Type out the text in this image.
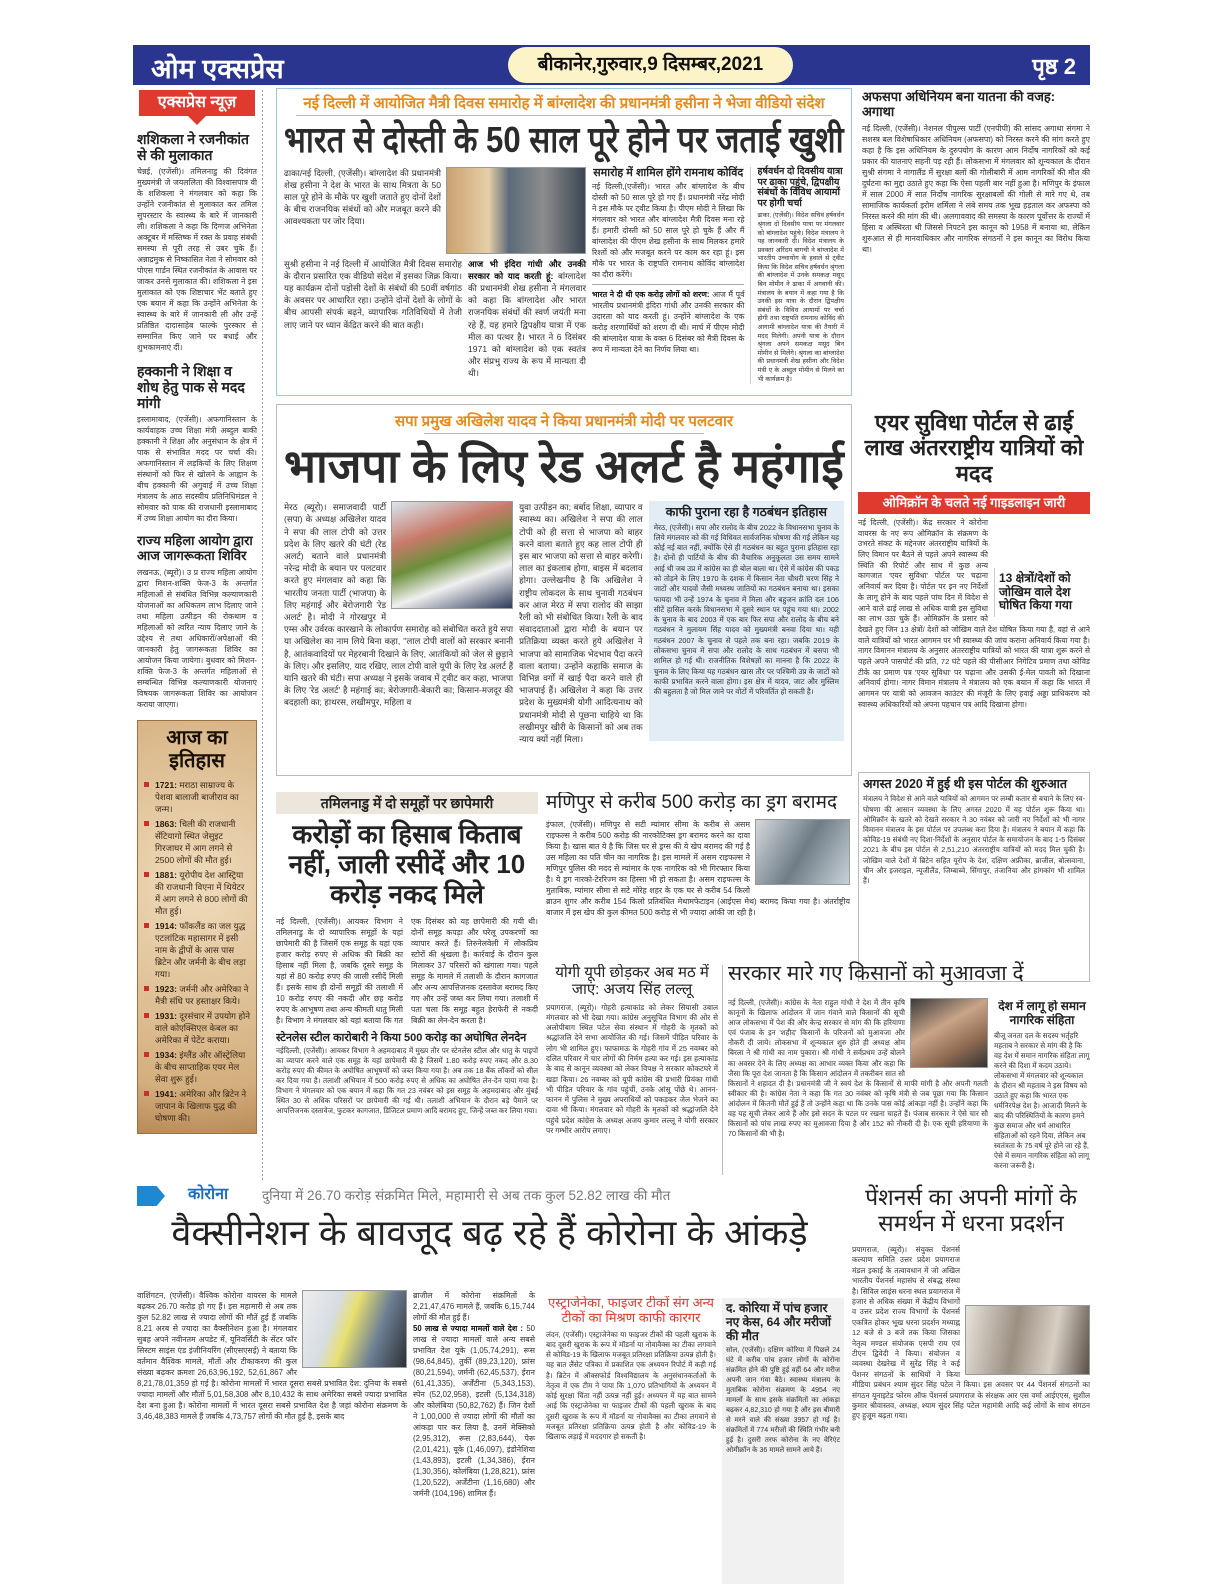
ओम एक्सप्रेस	बीकानेर,गुरुवार,9 दिसम्बर,2021	पृष्ठ 2
एक्सप्रेस न्यूज़
शशिकला ने रजनीकांत से की मुलाकात
चेन्नई, (एजेंसी)। तमिलनाडु की दिवंगत मुख्यमंत्री जे जयललिता की विश्वासपात्र वी के शशिकला ने मंगलवार को कहा कि उन्होंने रजनीकांत से मुलाकात कर तमिल सुपरस्टार के स्वास्थ्य के बारे में जानकारी ली। शशिकला ने कहा कि दिग्गज अभिनेता अक्टूबर में मस्तिष्क में रक्त के प्रवाह संबंधी समस्या से पूरी तरह से उबर चुके हैं। अन्नाद्रमुक से निष्कासित नेता ने सोमवार को पोएस गार्डन स्थित रजनीकांत के आवास पर जाकर उनसे मुलाकात की। शशिकला ने इस मुलाकात को एक शिष्टाचार भेंट बताते हुए एक बयान में कहा कि उन्होंने अभिनेता के स्वास्थ्य के बारे में जानकारी ली और उन्हें प्रतिष्ठित दादासाहेब फाल्के पुरस्कार से सम्मानित किए जाने पर बधाई और शुभकामनाएं दीं।
हक्कानी ने शिक्षा व शोध हेतु पाक से मदद मांगी
इस्लामाबाद, (एजेंसी)। अफगानिस्तान के कार्यवाहक उच्च शिक्षा मंत्री अब्दुल बाकी हक्कानी ने शिक्षा और अनुसंधान के क्षेत्र में पाक से संभावित मदद पर चर्चा की। अफगानिस्तान में लड़कियों के लिए शिक्षण संस्थानों को फिर से खोलने के आह्वान के बीच हक्कानी की अगुवाई में उच्च शिक्षा मंत्रालय के आठ सदस्यीय प्रतिनिधिमंडल ने सोमवार को पाक की राजधानी इस्लामाबाद में उच्च शिक्षा आयोग का दौरा किया।
राज्य महिला आयोग द्वारा आज जागरूकता शिविर
लखनऊ, (ब्यूरो)। उ प्र राज्य महिला आयोग द्वारा मिशन-शक्ति फेज-3 के अन्तर्गत महिलाओं से संबंधित विभिन्न कल्याणकारी योजनाओं का अधिकतम लाभ दिलाए जाने तथा महिला उत्पीड़न की रोकथाम व महिलाओं को त्वरित न्याय दिलाए जाने के उद्देश्य से तथा अधिकारों/अपेक्षाओं की जानकारी हेतु जागरूकता शिविर का आयोजन किया जायेगा। बुधवार को मिशन-शक्ति फेज-3 के अन्तर्गत महिलाओं से सम्बन्धित विभिन्न कल्याणकारी योजनाएं विषयक जागरूकता शिविर का आयोजन कराया जाएगा।
आज का इतिहास
1721: मराठा साम्राज्य के पेशवा बालाजी बाजीराव का जन्म।
1863: चिली की राजधानी सेंटियागो स्थित जेसुइट गिरजाघर में आग लगने से 2500 लोगों की मौत हुई।
1881: यूरोपीय देश आस्ट्रिया की राजधानी विएना में थियेटर में आग लगने से 800 लोगों की मौत हुई।
1914: फॉकलैंड का जल युद्ध एटलांटिक महासागर में इसी नाम के द्वीपों के आस पास ब्रिटेन और जर्मनी के बीच लड़ा गया।
1923: जर्मनी और अमेरिका ने मैत्री संधि पर हस्ताक्षर किये।
1931: दूरसंचार में उपयोग होने वाले कोएक्सिएल केबल का अमेरिका में पेटेंट कराया।
1934: इंग्लैंड और ऑस्ट्रेलिया के बीच साप्ताहिक एयर मेल सेवा शुरू हुई।
1941: अमेरिका और ब्रिटेन ने जापान के खिलाफ युद्ध की घोषणा की।
नई दिल्ली में आयोजित मैत्री दिवस समारोह में बांग्लादेश की प्रधानमंत्री हसीना ने भेजा वीडियो संदेश
भारत से दोस्ती के 50 साल पूरे होने पर जताई खुशी
ढाका/नई दिल्ली, (एजेंसी)। बांग्लादेश की प्रधानमंत्री शेख हसीना ने देश के भारत के साथ मित्रता के 50 साल पूरे होने के मौके पर खुशी जताते हुए दोनों देशों के बीच राजनयिक संबंधों को और मजबूत करने की आवश्यकता पर जोर दिया।
सुश्री हसीना ने नई दिल्ली में आयोजित मैत्री दिवस समारोह के दौरान प्रसारित एक वीडियो संदेश में इसका जिक्र किया। यह कार्यक्रम दोनों पड़ोसी देशों के संबंधों की 50वीं वर्षगांठ के अवसर पर आधारित रहा। उन्होंने दोनों देशों के लोगों के बीच आपसी संपर्क बढ़ने, व्यापारिक गतिविधियों में तेजी लाए जाने पर ध्यान केंद्रित करने की बात कही।
आज भी इंदिरा गांधी और उनकी सरकार को याद करती हूं: बांग्लादेश की प्रधानमंत्री शेख हसीना ने मंगलवार को कहा कि बांग्लादेश और भारत राजनयिक संबंधों की स्वर्ण जयंती मना रहे हैं, यह हमारे द्विपक्षीय यात्रा में एक मील का पत्थर है। भारत ने 6 दिसंबर 1971 को बांग्लादेश को एक स्वतंत्र और संप्रभु राज्य के रूप में मान्यता दी थी।
समारोह में शामिल होंगे रामनाथ कोविंद
नई दिल्ली,(एजेंसी)। भारत और बांग्लादेश के बीच दोस्ती को 50 साल पूरे हो गए हैं। प्रधानमंत्री नरेंद्र मोदी ने इस मौके पर ट्वीट किया है। पीएम मोदी ने लिखा कि मंगलवार को भारत और बांग्लादेश मैत्री दिवस मना रहे हैं। हमारी दोस्ती को 50 साल पूरे हो चुके हैं और मैं बांग्लादेश की पीएम शेख हसीना के साथ मिलकर हमारे रिश्तों को और मजबूत करने पर काम कर रहा हूं। इस मौके पर भारत के राष्ट्रपति रामनाथ कोविंद बांग्लादेश का दौरा करेंगे।
भारत ने दी थी एक करोड़ लोगों को शरण: आज मैं पूर्व भारतीय प्रधानमंत्री इंदिरा गांधी और उनकी सरकार की उदारता को याद करती हूं। उन्होंने बांग्लादेश के एक करोड़ शरणार्थियों को शरण दी थी। मार्च में पीएम मोदी की बांग्लादेश यात्रा के वक्त 6 दिसंबर को मैत्री दिवस के रूप में मान्यता देने का निर्णय लिया था।
हर्षवर्धन दो दिवसीय यात्रा पर ढाका पहुंचे, द्विपक्षीय संबंधों के विविध आयामों पर होगी चर्चा
ढाका, (एजेंसी)। विदेश सचिव हर्षवर्धन श्रृंगला दो दिवसीय यात्रा पर मंगलवार को बांग्लादेश पहुंचे। विदेश मंत्रालय ने यह जानकारी दी। विदेश मंत्रालय के प्रवक्ता अरिंदम बागची ने बांग्लादेश में भारतीय उच्चायोग के हवाले से ट्वीट किया कि विदेश सचिव हर्षवर्धन श्रृंगला की बांग्लादेश में उनके समकक्ष मसूद बिन मोमीन ने ढाका में अगवानी की। मंत्रालय के बयान में कहा गया है कि उनकी इस यात्रा के दौरान द्विपक्षीय संबंधों के विविध आयामों पर चर्चा होगी तथा राष्ट्रपति रामनाथ कोविंद की आगामी बांग्लादेश यात्रा की तैयारी में मदद मिलेगी। अपनी यात्रा के दौरान श्रृंगला अपने समकक्ष मसूद बिन मोमीन से मिलेंगे। श्रृंगला का बांग्लादेश की प्रधानमंत्री शेख हसीना और विदेश मंत्री ए के अब्दुल मोमीन से मिलने का भी कार्यक्रम है।
अफसपा अधिनियम बना यातना की वजह: अगाथा
नई दिल्ली, (एजेंसी)। नेशनल पीपुल्स पार्टी (एनपीपी) की सांसद अगाथा संगमा ने सशस्त्र बल विशेषाधिकार अधिनियम (अफसपा) को निरस्त करने की मांग करते हुए कहा है कि इस अधिनियम के दुरुपयोग के कारण आम निर्दोष नागरिकों को कई प्रकार की यातनाएं सहनी पड़ रही हैं। लोकसभा में मंगलवार को शून्यकाल के दौरान सुश्री संगमा ने नागालैंड में सुरक्षा बलों की गोलीबारी में आम नागरिकों की मौत की दुर्घटना का मुद्दा उठाते हुए कहा कि ऐसा पहली बार नहीं हुआ है। मणिपुर के इंफाल में साल 2000 में सात निर्दोष नागरिक सुरक्षाबलों की गोली से मारे गए थे, तब सामाजिक कार्यकर्ता इरोम शर्मिला ने लंबे समय तक भूख हड़ताल कर अफस्पा को निरस्त करने की मांग की थी। अलगाववाद की समस्या के कारण पूर्वोत्तर के राज्यों में हिंसा व अस्थिरता थी जिससे निपटने इस कानून को 1958 में बनाया था, लेकिन शुरुआत से ही मानवाधिकार और नागरिक संगठनों ने इस कानून का विरोध किया था।
सपा प्रमुख अखिलेश यादव ने किया प्रधानमंत्री मोदी पर पलटवार
भाजपा के लिए रेड अलर्ट है महंगाई
मेरठ (ब्यूरो)। समाजवादी पार्टी (सपा) के अध्यक्ष अखिलेश यादव ने सपा की लाल टोपी को उत्तर प्रदेश के लिए खतरे की घंटी (रेड अलर्ट) बताने वाले प्रधानमंत्री नरेन्द्र मोदी के बयान पर पलटवार करते हुए मंगलवार को कहा कि भारतीय जनता पार्टी (भाजपा) के लिए महंगाई और बेरोजगारी 'रेड अलर्ट' है। मोदी ने गोरखपुर में एम्स और उर्वरक कारखाने के लोकार्पण समारोह को संबोधित करते हुये सपा या अखिलेश का नाम लिये बिना कहा, ''लाल टोपी वालों को सरकार बनानी है, आतंकवादियों पर मेहरबानी दिखाने के लिए, आतंकियों को जेल से छुड़ाने के लिए। और इसलिए, याद रखिए, लाल टोपी वाले यूपी के लिए रेड अलर्ट हैं यानि खतरे की घंटी। सपा अध्यक्ष ने इसके जवाब में ट्वीट कर कहा, भाजपा के लिए 'रेड अलर्ट' है महंगाई का; बेरोजगारी-बेकारी का; किसान-मजदूर की बदहाली का; हाथरस, लखीमपुर, महिला व
युवा उत्पीड़न का; बर्बाद शिक्षा, व्यापार व स्वास्थ्य का। अखिलेश ने सपा की लाल टोपी को ही सत्ता से भाजपा को बाहर करने वाला बताते हुए कह लाल टोपी ही इस बार भाजपा को सत्ता से बाहर करेगी। लाल का इंकलाब होगा, बाइस में बदलाव होगा। उल्लेखनीय है कि अखिलेश ने राष्ट्रीय लोकदल के साथ चुनावी गठबंधन कर आज मेरठ में सपा रालोद की साझा रैली को भी संबोधित किया। रैली के बाद संवाददाताओं द्वारा मोदी के बयान पर प्रतिक्रिया व्यक्त करते हुये अखिलेश ने भाजपा को सामाजिक भेदभाव पैदा करने वाला बताया। उन्होंने कहाकि समाज के विभिन्न वर्गों में खाई पैदा करने वाले ही भाजपाई हैं। अखिलेश ने कहा कि उत्तर प्रदेश के मुख्यमंत्री योगी आदित्यनाथ को प्रधानमंत्री मोदी से पूछना चाहिये था कि लखीमपुर खीरी के किसानों को अब तक न्याय क्यों नहीं मिला।
काफी पुराना रहा है गठबंधन इतिहास
मेरठ, (एजेंसी)। सपा और रालोद के बीच 2022 के विधानसभा चुनाव के लिये मंगलवार को की गई विधिवत सार्वजनिक घोषणा की गई लेकिन यह कोई नई बात नहीं, क्योंकि ऐसे ही गठबंधन का बहुत पुराना इतिहास रहा है। दोनों ही पार्टियों के बीच की वैचारिक अनुकूलता उस समय सामने आई थी जब उप्र में कांग्रेस का ही बोल बाला था। ऐसे में कांग्रेस की पकड़ को तोड़ने के लिए 1970 के दशक में किसान नेता चौधरी चरण सिंह ने जाटों और यादवों जैसी मध्यस्थ जातियों का गठबंधन बनाया था। इसका फायदा भी उन्हें 1974 के चुनाव में मिला और बहुजन क्रांति दल 106 सीटें हासिल करके विधानसभा में दूसरे स्थान पर पहुंच गया था। 2002 के चुनाव के बाद 2003 में एक बार फिर सपा और रालोद के बीच बने गठबंधन ने मुलायम सिंह यादव को मुख्यमंत्री बनवा दिया था। यही गठबंधन 2007 के चुनाव से पहले तक बना रहा। जबकि 2019 के लोकसभा चुनाव में सपा और रालोद के साथ गठबंधन में बसपा भी शामिल हो गई थी। राजनीतिक विशेषज्ञों का मानना है कि 2022 के चुनाव के लिए किया यह गठबंधन खास तौर पर पश्चिमी उप्र के जाटों को काफी प्रभावित करने वाला होगा। इस क्षेत्र में यादव, जाट और मुस्लिम की बहुलता है जो मिल जाने पर वोटों में परिवर्तित हो सकती है।
एयर सुविधा पोर्टल से ढाई लाख अंतरराष्ट्रीय यात्रियों को मदद
ओमिक्रॉन के चलते नई गाइडलाइन जारी
13 क्षेत्रों/देशों को जोखिम वाले देश घोषित किया गया
नई दिल्ली, (एजेंसी)। केंद्र सरकार ने कोरोना वायरस के नए रूप ओमिक्रॉन के संक्रमण के उभरते संकट के मद्देनजर अंतरराष्ट्रीय यात्रियों के लिए विमान पर बैठने से पहले अपने स्वास्थ्य की स्थिति की रिपोर्ट और साथ में कुछ अन्य कागजात 'एयर सुविधा' पोर्टल पर चढ़ाना अनिवार्य कर दिया है। पोर्टल पर इन नए निर्देशों के लागू होने के बाद पहले पांच दिन में विदेश से आने वाले ढाई लाख से अधिक यात्री इस सुविधा का लाभ उठा चुके हैं। ओमिक्रॉन के प्रसार को देखते हुए जिन 13 क्षेत्रों/ देशों को जोखिम वाले देश घोषित किया गया है, वहां से आने वाले यात्रियों को भारत आगमन पर भी स्वास्थ्य की जांच कराना अनिवार्य किया गया है। नागर विमानन मंत्रालय के अनुसार अंतरराष्ट्रीय यात्रियों को भारत की यात्रा शुरू करने से पहले अपने पासपोर्ट की प्रति, 72 घंटे पहले की पीसीआर निगेटिव प्रमाण तथा कोविड टीके का प्रमाण पत्र 'एयर सुविधा' पर चढ़ाना और उसकी ई-मेल पावती को दिखाना अनिवार्य होगा। नागर विमान मंत्रालय ने मंत्रालय को एक बयान में कहा कि भारत में आगमन पर यात्री को आवजन काउंटर की मंजूरी के लिए हवाई अड्डा प्राधिकरण को स्वास्थ्य अधिकारियों को अपना पहचान पत्र आदि दिखाना होगा।
अगस्त 2020 में हुई थी इस पोर्टल की शुरुआत
मंत्रालय ने विदेश से आने वाले यात्रियों को आगमन पर लम्बी कतार से बचाने के लिए स्व-घोषणा की आसान व्यवस्था के लिए अगस्त 2020 में यह पोर्टल शुरू किया था। ओमिक्रॉन के खतरे को देखते सरकार ने 30 नवंबर को जारी नए निर्देशों को भी नागर विमानन मंत्रालय के इस पोर्टल पर उपलब्ध करा दिया है। मंत्रालय ने बयान में कहा कि कोविड-19 संबंधी नए दिशा-निर्देशों के अनुसार पोर्टल के समायोजन के बाद 1-5 दिसंबर 2021 के बीच इस पोर्टल से 2,51,210 अंतरराष्ट्रीय यात्रियों को मदद मिल चुकी है। जोखिम वाले देशों में ब्रिटेन सहित यूरोप के देश, दक्षिण अफ्रीका, ब्राजील, बोत्सवाना, चीन और इजराइल, न्यूजीलैंड, जिम्बाब्वे, सिंगापुर, तंजानिया और हांगकांग भी शामिल हैं।
तमिलनाडु में दो समूहों पर छापेमारी
करोड़ों का हिसाब किताब नहीं, जाली रसीदें और 10 करोड़ नकद मिले
नई दिल्ली, (एजेंसी)। आयकर विभाग ने तमिलनाडु के दो व्यापारिक समूहों के यहां छापेमारी की है जिसमें एक समूह के यहां एक हजार करोड़ रुपए से अधिक की बिक्री का हिसाब नहीं मिला है, जबकि दूसरे समूह के यहां से 80 करोड़ रुपए की जाली रसीदें मिली हैं। इसके साथ ही दोनों समूहों की तलाशी में 10 करोड़ रुपए की नकदी और छह करोड़ रुपए के आभूषण तथा अन्य कीमती धातु मिली है। विभाग ने मंगलवार को यहां बताया कि गत एक दिसंबर को यह छापेमारी की गयी थी। दोनों समूह कपड़ा और घरेलू उपकरणों का व्यापार करते हैं। तिरुनेलवेली में लोकप्रिय स्टोरों की श्रृंखला है। कार्रवाई के दौरान कुल मिलाकर 37 परिसरों को खंगाला गया। पहले समूह के मामले में तलाशी के दौरान कागजात और अन्य आपत्तिजनक दस्तावेज बरामद किए गए और उन्हें जब्त कर लिया गया। तलाशी में पता चला कि समूह बहुत हेराफेरी से नकदी बिक्री का लेन-देन करता है।
स्टेनलेस स्टील कारोबारी ने किया 500 करोड़ का अघोषित लेनदेन
नईदिल्ली, (एजेंसी)। आयकर विभाग ने अहमदाबाद में मुख्य तौर पर स्टेनलेस स्टील और धातु के पाइपों का व्यापार करने वाले एक समूह के यहां छापेमारी की है जिसमें 1.80 करोड़ रुपए नकद और 8.30 करोड़ रुपए की कीमत के अघोषित आभूषणों को जब्त किया गया है। अब तक 18 बैंक लॉकरों को सील कर दिया गया है। तलाशी अभियान में 500 करोड़ रुपए से अधिक का अघोषित लेन-देन पाया गया है। विभाग ने मंगलवार को एक बयान में कहा कि गत 23 नवंबर को इस समूह के अहमदाबाद और मुंबई स्थित 30 से अधिक परिसरों पर छापेमारी की गई थी। तलाशी अभियान के दौरान बड़े पैमाने पर आपत्तिजनक दस्तावेज, फुटकर कागजात, डिजिटल प्रमाण आदि बरामद हुए, जिन्हें जब्त कर लिया गया।
मणिपुर से करीब 500 करोड़ का ड्रग बरामद
इंफाल, (एजेंसी)। मणिपुर से सटी म्यांमार सीमा के करीब से असम राइफल्स ने करीब 500 करोड़ की नारकोटिक्स ड्रग बरामद करने का दावा किया है। खास बात ये है कि जिस घर से ड्रग्स की ये खेप बरामद की गई है उस महिला का पति चीन का नागरिक है। इस मामले में असम राइफल्स ने मणिपुर पुलिस की मदद से म्यांमार के एक नागरिक को भी गिरफ्तार किया है। ये ड्रग नारको-टेररिज्म का हिस्सा भी हो सकता है। असम राइफल्स के मुताबिक, म्यांमार सीमा से सटे मोरेह शहर के एक घर से करीब 54 किलो ब्राउन शुगर और करीब 154 किलो प्रतिबंधित मेथामफेटाइन (आईएस मेथ) बरामद किया गया है। अंतर्राष्ट्रीय बाजार में इस खेप की कुल कीमत 500 करोड़ से भी ज्यादा आंकी जा रही है।
योगी यूपी छोड़कर अब मठ में जाएं: अजय सिंह लल्लू
प्रयागराज, (ब्यूरो)। गोहरी हत्याकांड को लेकर सियासी उबाल मंगलवार को भी देखा गया। कांग्रेस अनुसूचित विभाग की ओर से अलोपीबाग स्थित पटेल सेवा संस्थान में गोहरी के मृतकों को श्रद्धांजलि देने सभा आयोजित की गई। जिसमें पीड़ित परिवार के लोग भी शामिल हुए। फाफामऊ के गोहरी गांव में 25 नवम्बर को दलित परिवार में चार लोगों की निर्मम हत्या कर गई। इस हत्याकांड के बाद से कानून व्यवस्था को लेकर विपक्ष ने सरकार कोकटघरे में खड़ा किया। 26 नवम्बर को यूपी कांग्रेस की प्रभारी प्रियंका गांधी भी पीड़ित परिवार के गांव पहुंचीं, उनके आंसू पोंछे थे। आनन-फानन में पुलिस ने मुख्य अपराधियों को पकड़कर जेल भेजने का दावा भी किया। मंगलवार को गोहरी के मृतकों को श्रद्धांजलि देने पहुंचे प्रदेश कांग्रेस के अध्यक्ष अजय कुमार लल्लू ने योगी सरकार पर गम्भीर आरोप लगाए।
सरकार मारे गए किसानों को मुआवजा दें
नई दिल्ली, (एजेंसी)। कांग्रेस के नेता राहुल गांधी ने देश में तीन कृषि कानूनों के खिलाफ आंदोलन में जान गंवाने वाले किसानों की सूची आज लोकसभा में पेश की और केन्द्र सरकार से मांग की कि हरियाणा एवं पंजाब के इन 'शहीद' किसानों के परिजनों को मुआवजा और नौकरी दी जाये। लोकसभा में शून्यकाल शुरु होते ही अध्यक्ष ओम बिरला ने श्री गांधी का नाम पुकारा। श्री गांधी ने सर्वप्रथम उन्हें बोलने का अवसर देने के लिए अध्यक्ष का आभार व्यक्त किया और कहा कि जैसा कि पूरा देश जानता है कि किसान आंदोलन में तकरीबन सात सौ किसानों ने शहादत दी है। प्रधानमंत्री जी ने स्वयं देश के किसानों से माफी मांगी है और अपनी गलती स्वीकार की है। कांग्रेस नेता ने कहा कि गत 30 नवंबर को कृषि मंत्री से जब पूछा गया कि किसान आंदोलन में कितनी मौतें हुई हैं तो उन्होंने कहा था कि उनके पास कोई आंकड़ा नहीं है। उन्होंने कहा कि वह यह सूची लेकर आये हैं और इसे सदन के पटल पर रखना चाहते हैं। पंजाब सरकार ने ऐसे चार सौ किसानों को पांच लाख रुपए का मुआवजा दिया है और 152 को नौकरी दी है। एक सूची हरियाणा के 70 किसानों की भी है।
देश में लागू हो समान नागरिक संहिता
बीजू जनता दल के सदस्य भर्तृहरि महताब ने सरकार से मांग की है कि वह देश में समान नागरिक संहिता लागू करने की दिशा में कदम उठाये। लोकसभा में मंगलवार को शून्यकाल के दौरान श्री महताब ने इस विषय को उठाते हुए कहा कि भारत एक धर्मनिरपेक्ष देश है। आजादी मिलने के बाद की परिस्थितियों के कारण हमने कुछ समाज और धर्म आधारित संहिताओं को रहने दिया, लेकिन अब स्वतंत्रता के 75 वर्ष पूरे होने जा रहे हैं, ऐसे में समान नागरिक संहिता को लागू करना जरूरी है।
कोरोना	दुनिया में 26.70 करोड़ संक्रमित मिले, महामारी से अब तक कुल 52.82 लाख की मौत
वैक्सीनेशन के बावजूद बढ़ रहे हैं कोरोना के आंकड़े
वाशिंगटन, (एजेंसी)। वैश्विक कोरोना वायरस के मामले बढ़कर 26.70 करोड़ हो गए हैं। इस महामारी से अब तक कुल 52.82 लाख से ज्यादा लोगों की मौतें हुई हैं जबकि 8.21 अरब से ज्यादा का वैक्सीनेशन हुआ है। मंगलवार सुबह अपने नवीनतम अपडेट में, यूनिवर्सिटी के सेंटर फॉर सिस्टम साइंस एंड इंजीनियरिंग (सीएसएसई) ने बताया कि वर्तमान वैश्विक मामले, मौतों और टीकाकरण की कुल संख्या बढ़कर क्रमशः 26,63,96,192, 52,61,867 और 8,21,78,01,359 हो गई है। कोरोना मामलों में भारत दूसरा सबसे प्रभावित देश: दुनिया के सबसे ज्यादा मामलों और मौतों 5,01,58,308 और 8,10,432 के साथ अमेरिका सबसे ज्यादा प्रभावित देश बना हुआ है। कोरोना मामलों में भारत दूसरा सबसे प्रभावित देश है जहां कोरोना संक्रमण के 3,46,48,383 मामले हैं जबकि 4,73,757 लोगों की मौत हुई है, इसके बाद
ब्राजील में कोरोना संक्रमितों के 2,21,47,476 मामले हैं, जबकि 6,15,744 लोगों की मौत हुई हैं।
50 लाख से ज्यादा मामलों वाले देश : 50 लाख से ज्यादा मामलों वाले अन्य सबसे प्रभावित देश यूके (1,05,74,291), रूस (98,64,845), तुर्की (89,23,120), फ्रांस (80,21,594), जर्मनी (62,45,537), ईरान (61,41,335), अर्जेंटीना (5,343,153), स्पेन (52,02,958), इटली (5,134,318) और कोलंबिया (50,82,762) हैं। जिन देशों ने 1,00,000 से ज्यादा लोगों की मौतों का आंकड़ा पार कर लिया है, उनमें मेक्सिको (2,95,312), रूस (2,83,644), पेरू (2,01,421), यूके (1,46,097), इंडोनेशिया (1,43,893), इटली (1,34,386), ईरान (1,30,356), कोलंबिया (1,28,821), फ्रांस (1,20,522), अर्जेंटीना (1,16,680) और जर्मनी (104,196) शामिल हैं।
एस्ट्राजेनेका, फाइजर टीकों संग अन्य टीकों का मिश्रण काफी कारगर
लंदन, (एजेंसी)। एस्ट्राजेनेका या फाइजर टीकों की पहली खुराक के बाद दूसरी खुराक के रूप में मॉडर्ना या नोवावैक्स का टीका लगवाने से कोविड-19 के खिलाफ मजबूत प्रतिरक्षा प्रतिक्रिया उत्पन्न होती है। यह बात लैंसेट पत्रिका में प्रकाशित एक अध्ययन रिपोर्ट में कही गई है। ब्रिटेन में ऑक्सफोर्ड विश्वविद्यालय के अनुसंधानकर्ताओं के नेतृत्व में एक टीम ने पाया कि 1,070 प्रतिभागियों के अध्ययन में कोई सुरक्षा चिंता नहीं उत्पन्न नहीं हुई। अध्ययन में यह बात सामने आई कि एस्ट्राजेनेका या फाइजर टीकों की पहली खुराक के बाद दूसरी खुराक के रूप में मॉडर्ना या नोवावैक्स का टीका लगवाने से मजबूत प्रतिरक्षा प्रतिक्रिया उत्पन्न होती है और कोविड-19 के खिलाफ लड़ाई में मददगार हो सकती है।
द. कोरिया में पांच हजार नए केस, 64 और मरीजों की मौत
सोल, (एजेंसी)। दक्षिण कोरिया में पिछले 24 घंटे में करीब पांच हजार लोगों के कोरोना संक्रमित होने की पुष्टि हुई वहीं 64 और मरीज अपनी जान गंवा बैठे। स्वास्थ्य मंत्रालय के मुताबिक कोरोना संक्रमण के 4954 नए मामलों के साथ इसके संक्रमितों का आंकड़ा बढ़कर 4,82,310 हो गया है और इस बीमारी से मरने वाले की संख्या 3957 हो गई है। संक्रमितों में 774 मरीजों की स्थिति गंभीर बनी हुई है। दुसरी तरफ कोरोना के नए वेरिएंट ओमीक्रॉन के 36 मामले सामने आये हैं।
पेंशनर्स का अपनी मांगों के समर्थन में धरना प्रदर्शन
प्रयागराज, (ब्यूरो)। संयुक्त पेंशनर्स कल्याण समिति उत्तर प्रदेश प्रयागराज मंडल इकाई के तत्वावधान में जो अखिल भारतीय पेंशनर्स महासंघ से संबद्ध संस्था है। सिविल लाइंस धरना स्थल प्रयागराज में हजार से अधिक संख्या में केंद्रीय विभागों व उत्तर प्रदेश राज्य विभागों के पेंशनर्स एकत्रित होकर भूख धरना प्रदर्शन मध्याह्न 12 बजे से 3 बजे तक किया जिसका नेतृत्व मण्डल संयोजक एसपी राय एवं टीएन द्विवेदी ने किया। संयोजन व व्यवस्था देखरेख में सुरेंद्र सिंह ने कई पेंशनर संगठनों के साथियों ने किया मीडिया प्रबंधन श्याम सुंदर सिंह पटेल ने किया। इस अवसर पर 44 पेंशनर्स संगठनों का संगठन यूनाइटेड फोरम ऑफ पेंशनर्स प्रयागराज के संरक्षक आर एस वर्मा आईएएस, सुशील कुमार श्रीवास्तव, अध्यक्ष, श्याम सुंदर सिंह पटेल महामंत्री आदि कई लोगों के साथ संगठन हुए हुजूम बढ़ता गया।
